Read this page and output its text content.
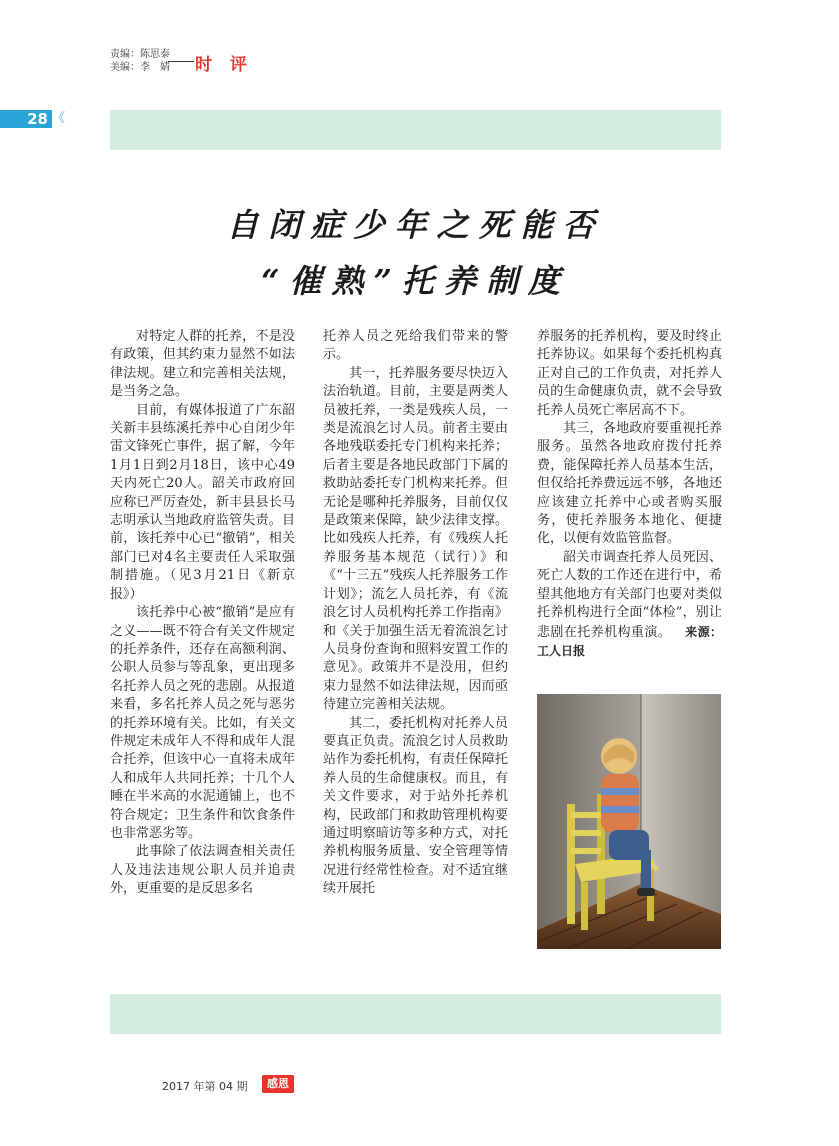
责编：陈思泰
美编：李　婧 时 评
28 《
自闭症少年之死能否
“催熟”托养制度

对特定人群的托养，不是没有政策，但其约束力显然不如法律法规。建立和完善相关法规，是当务之急。

目前，有媒体报道了广东韶关新丰县练溪托养中心自闭少年雷文锋死亡事件，据了解，今年1月1日到2月18日，该中心49天内死亡20人。韶关市政府回应称已严厉查处，新丰县县长马志明承认当地政府监管失责。目前，该托养中心已“撤销”，相关部门已对4名主要责任人采取强制措施。（见3月21日《新京报》）

该托养中心被“撤销”是应有之义——既不符合有关文件规定的托养条件，还存在高额利润、公职人员参与等乱象，更出现多名托养人员之死的悲剧。从报道来看，多名托养人员之死与恶劣的托养环境有关。比如，有关文件规定未成年人不得和成年人混合托养，但该中心一直将未成年人和成年人共同托养；十几个人睡在半米高的水泥通铺上，也不符合规定；卫生条件和饮食条件也非常恶劣等。

此事除了依法调查相关责任人及违法违规公职人员并追责外，更重要的是反思多名

托养人员之死给我们带来的警示。

其一，托养服务要尽快迈入法治轨道。目前，主要是两类人员被托养，一类是残疾人员，一类是流浪乞讨人员。前者主要由各地残联委托专门机构来托养；后者主要是各地民政部门下属的救助站委托专门机构来托养。但无论是哪种托养服务，目前仅仅是政策来保障，缺少法律支撑。比如残疾人托养，有《残疾人托养服务基本规范（试行）》和《“十三五”残疾人托养服务工作计划》；流乞人员托养，有《流浪乞讨人员机构托养工作指南》和《关于加强生活无着流浪乞讨人员身份查询和照料安置工作的意见》。政策并不是没用，但约束力显然不如法律法规，因而亟待建立完善相关法规。

其二，委托机构对托养人员要真正负责。流浪乞讨人员救助站作为委托机构，有责任保障托养人员的生命健康权。而且，有关文件要求，对于站外托养机构，民政部门和救助管理机构要通过明察暗访等多种方式，对托养机构服务质量、安全管理等情况进行经常性检查。对不适宜继续开展托

养服务的托养机构，要及时终止托养协议。如果每个委托机构真正对自己的工作负责，对托养人员的生命健康负责，就不会导致托养人员死亡率居高不下。

其三，各地政府要重视托养服务。虽然各地政府拨付托养费，能保障托养人员基本生活，但仅给托养费远远不够，各地还应该建立托养中心或者购买服务，使托养服务本地化、便捷化，以便有效监管监督。

韶关市调查托养人员死因、死亡人数的工作还在进行中，希望其他地方有关部门也要对类似托养机构进行全面“体检”，别让悲剧在托养机构重演。 来源：工人日报

2017 年第 04 期	感恩
